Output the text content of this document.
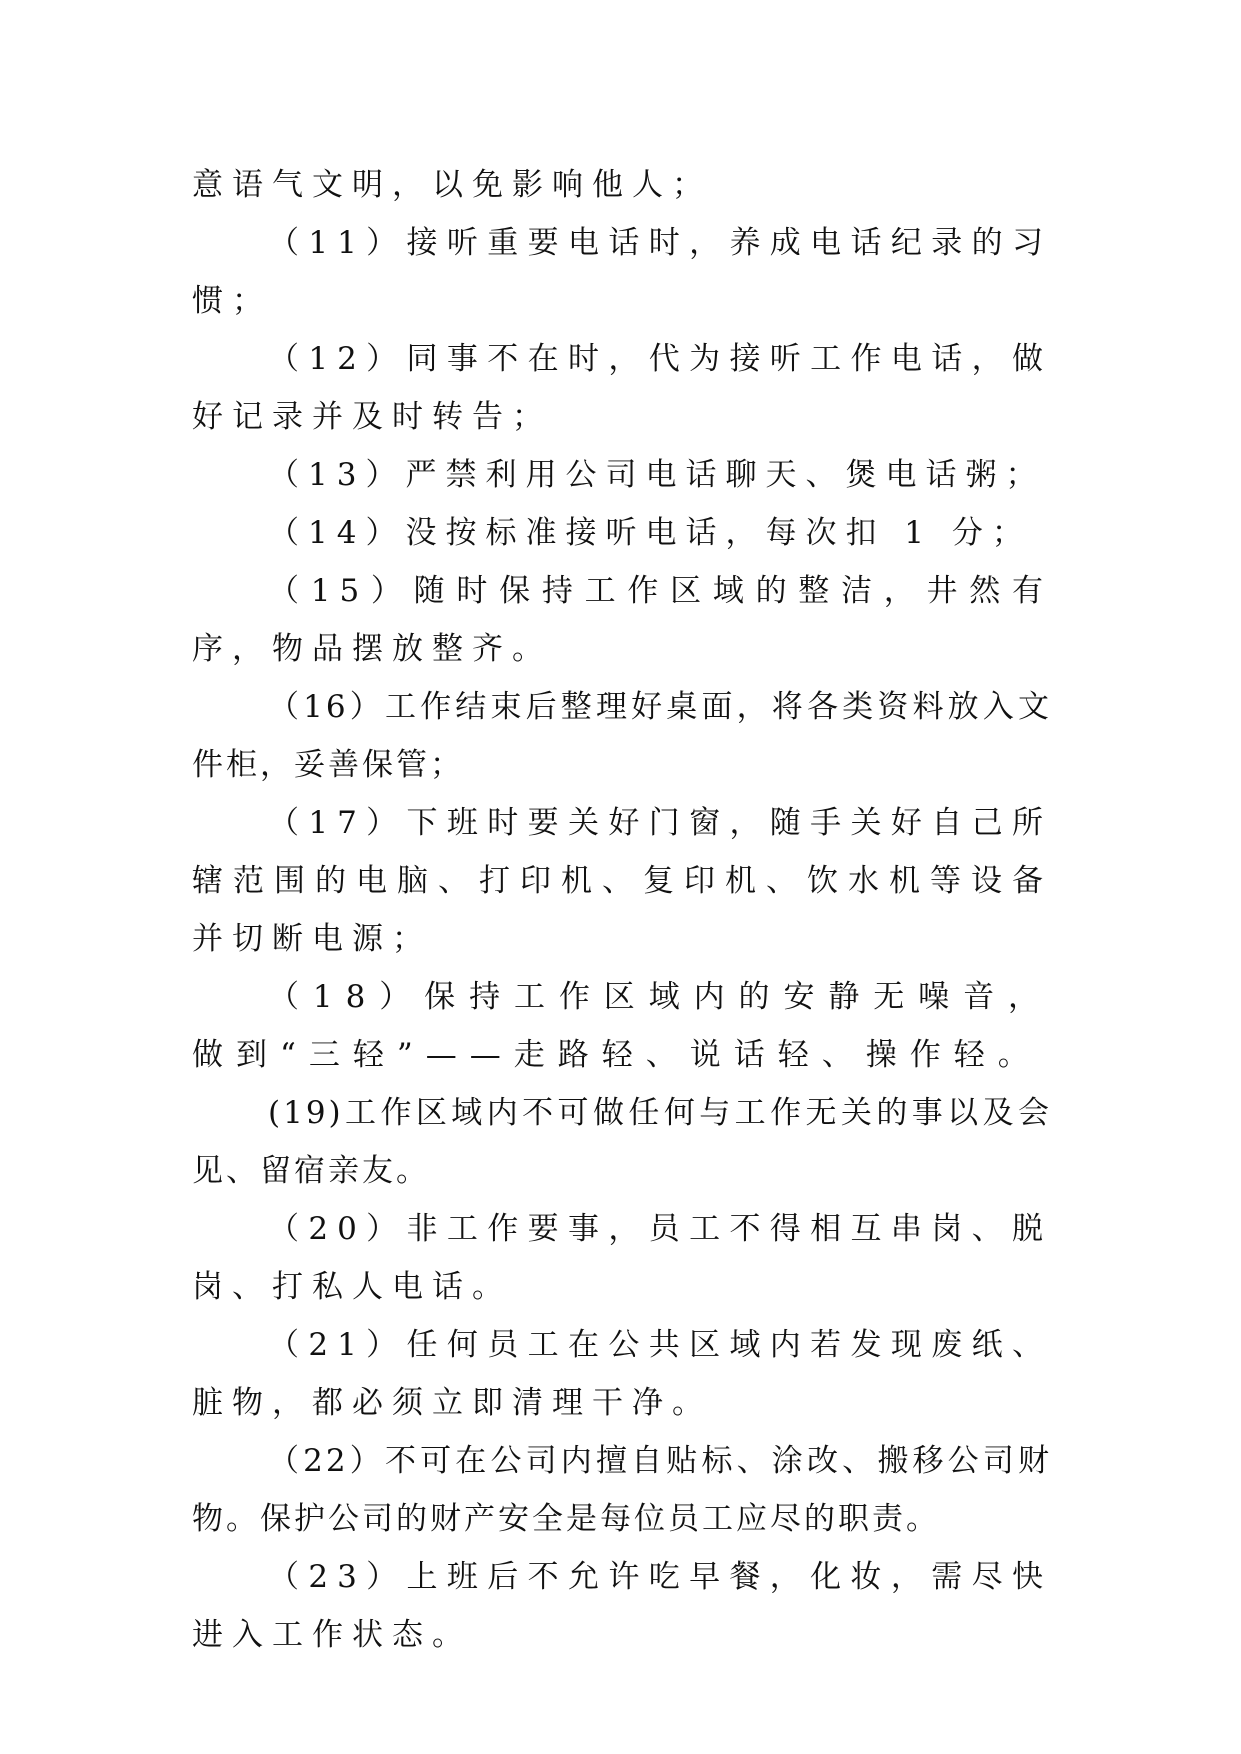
意语气文明，以免影响他人；

（11）接听重要电话时，养成电话纪录的习惯；

（12）同事不在时，代为接听工作电话，做好记录并及时转告；

（13）严禁利用公司电话聊天、煲电话粥；

（14）没按标准接听电话，每次扣 1 分；

（15）随时保持工作区域的整洁，井然有序，物品摆放整齐。

（16）工作结束后整理好桌面，将各类资料放入文件柜，妥善保管；

（17）下班时要关好门窗，随手关好自己所辖范围的电脑、打印机、复印机、饮水机等设备并切断电源；

（18）保持工作区域内的安静无噪音，做到“三轻”——走路轻、说话轻、操作轻。

(19)工作区域内不可做任何与工作无关的事以及会见、留宿亲友。

（20）非工作要事，员工不得相互串岗、脱岗、打私人电话。

（21）任何员工在公共区域内若发现废纸、脏物，都必须立即清理干净。

（22）不可在公司内擅自贴标、涂改、搬移公司财物。保护公司的财产安全是每位员工应尽的职责。

（23）上班后不允许吃早餐，化妆，需尽快进入工作状态。
